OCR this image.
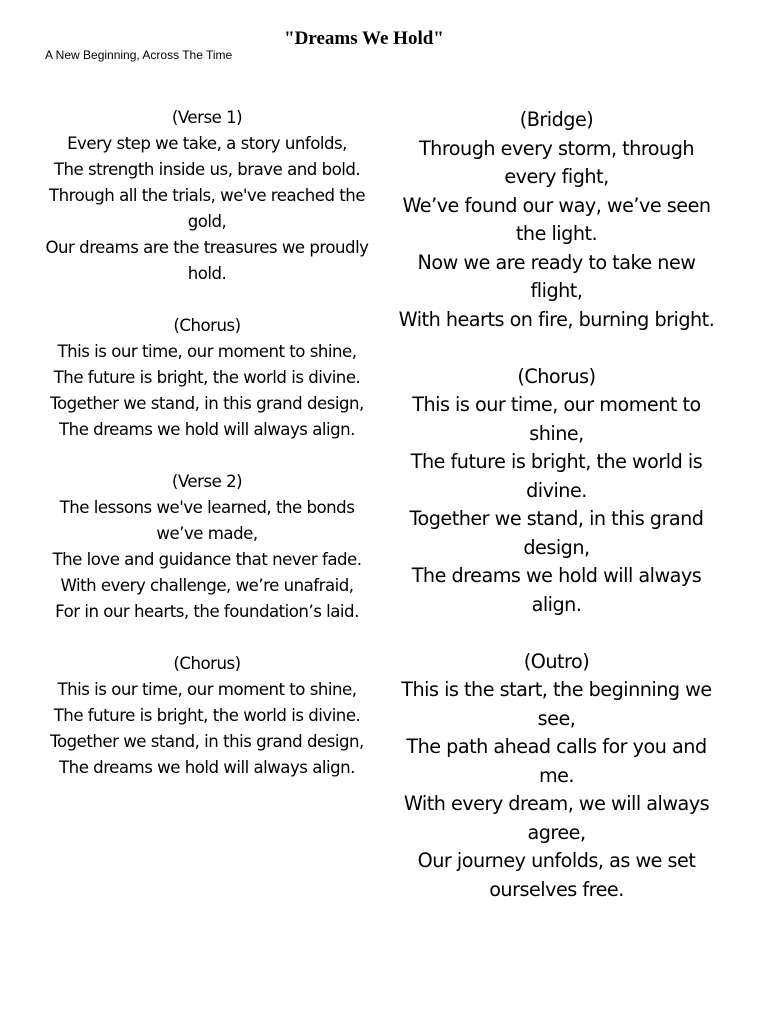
"Dreams We Hold"
A New Beginning, Across The Time
(Verse 1)
Every step we take, a story unfolds,
The strength inside us, brave and bold.
Through all the trials, we've reached the gold,
Our dreams are the treasures we proudly hold.
(Chorus)
This is our time, our moment to shine,
The future is bright, the world is divine.
Together we stand, in this grand design,
The dreams we hold will always align.
(Verse 2)
The lessons we've learned, the bonds we’ve made,
The love and guidance that never fade.
With every challenge, we’re unafraid,
For in our hearts, the foundation’s laid.
(Chorus)
This is our time, our moment to shine,
The future is bright, the world is divine.
Together we stand, in this grand design,
The dreams we hold will always align.
(Bridge)
Through every storm, through every fight,
We’ve found our way, we’ve seen the light.
Now we are ready to take new flight,
With hearts on fire, burning bright.
(Chorus)
This is our time, our moment to shine,
The future is bright, the world is divine.
Together we stand, in this grand design,
The dreams we hold will always align.
(Outro)
This is the start, the beginning we see,
The path ahead calls for you and me.
With every dream, we will always agree,
Our journey unfolds, as we set ourselves free.
